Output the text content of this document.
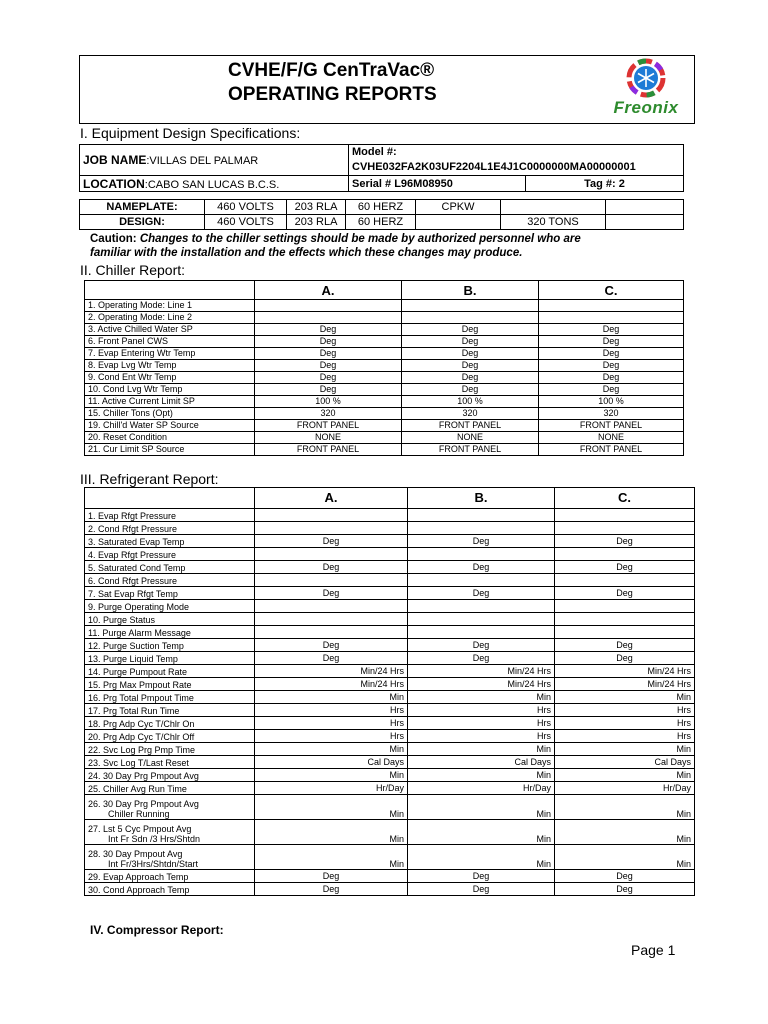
CVHE/F/G CenTraVac®
OPERATING REPORTS
Freonix
I. Equipment Design Specifications:
JOB NAME:VILLAS DEL PALMAR	Model #:
CVHE032FA2K03UF2204L1E4J1C0000000MA00000001	
LOCATION:CABO SAN LUCAS B.C.S.	Serial # L96M08950	Tag #: 2
NAMEPLATE:	460 VOLTS	203 RLA	60 HERZ	CPKW		
DESIGN:	460 VOLTS	203 RLA	60 HERZ		320 TONS	
Caution: Changes to the chiller settings should be made by authorized personnel who are
familiar with the installation and the effects which these changes may produce.
II. Chiller Report:
	A.	B.	C.
1. Operating Mode: Line 1			
2. Operating Mode: Line 2			
3. Active Chilled Water SP	Deg	Deg	Deg
6. Front Panel CWS	Deg	Deg	Deg
7. Evap Entering Wtr Temp	Deg	Deg	Deg
8. Evap Lvg Wtr Temp	Deg	Deg	Deg
9. Cond Ent Wtr Temp	Deg	Deg	Deg
10. Cond Lvg Wtr Temp	Deg	Deg	Deg
11. Active Current Limit SP	100 %	100 %	100 %
15. Chiller Tons (Opt)	320	320	320
19. Chill'd Water SP Source	FRONT PANEL	FRONT PANEL	FRONT PANEL
20. Reset Condition	NONE	NONE	NONE
21. Cur Limit SP Source	FRONT PANEL	FRONT PANEL	FRONT PANEL
III. Refrigerant Report:
	A.	B.	C.
1. Evap Rfgt Pressure			
2. Cond Rfgt Pressure			
3. Saturated Evap Temp	Deg	Deg	Deg
4. Evap Rfgt Pressure			
5. Saturated Cond Temp	Deg	Deg	Deg
6. Cond Rfgt Pressure			
7. Sat Evap Rfgt Temp	Deg	Deg	Deg
9. Purge Operating Mode			
10. Purge Status			
11. Purge Alarm Message			
12. Purge Suction Temp	Deg	Deg	Deg
13. Purge Liquid Temp	Deg	Deg	Deg
14. Purge Pumpout Rate	Min/24 Hrs	Min/24 Hrs	Min/24 Hrs
15. Prg Max Pmpout Rate	Min/24 Hrs	Min/24 Hrs	Min/24 Hrs
16. Prg Total Pmpout Time	Min	Min	Min
17. Prg Total Run Time	Hrs	Hrs	Hrs
18. Prg Adp Cyc T/Chlr On	Hrs	Hrs	Hrs
20. Prg Adp Cyc T/Chlr Off	Hrs	Hrs	Hrs
22. Svc Log Prg Pmp Time	Min	Min	Min
23. Svc Log T/Last Reset	Cal Days	Cal Days	Cal Days
24. 30 Day Prg Pmpout Avg	Min	Min	Min
25. Chiller Avg Run Time	Hr/Day	Hr/Day	Hr/Day
26. 30 Day Prg Pmpout Avg
Chiller Running	Min	Min	Min
27. Lst 5 Cyc Pmpout Avg
Int Fr Sdn /3 Hrs/Shtdn	Min	Min	Min
28. 30 Day Pmpout Avg
Int Fr/3Hrs/Shtdn/Start	Min	Min	Min
29. Evap Approach Temp	Deg	Deg	Deg
30. Cond Approach Temp	Deg	Deg	Deg
IV. Compressor Report:
Page 1
